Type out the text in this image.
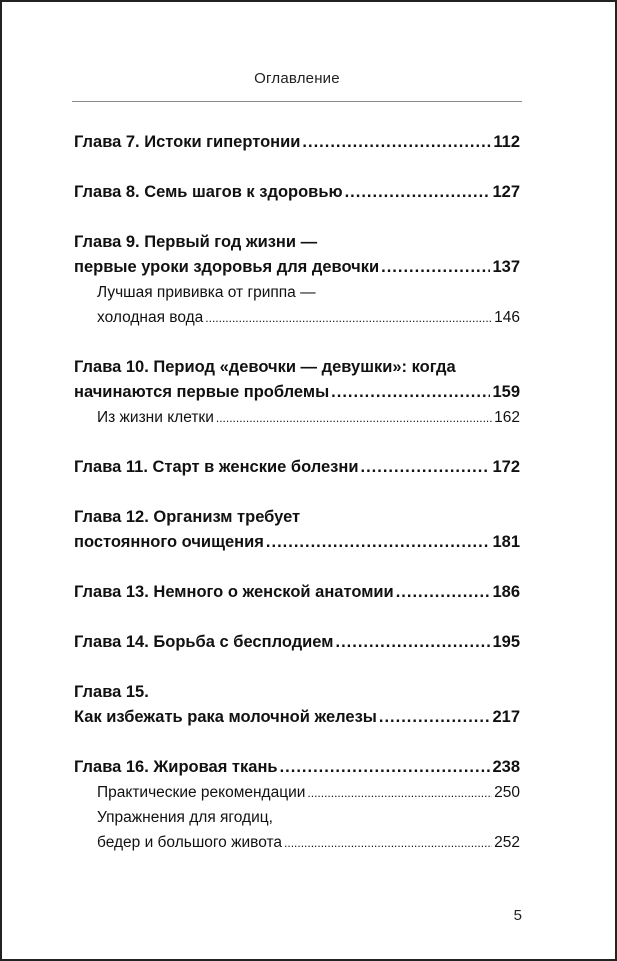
Оглавление
Глава 7. Истоки гипертонии .....	112
Глава 8. Семь шагов к здоровью .....	127
Глава 9. Первый год жизни —
первые уроки здоровья для девочки .....	137
Лучшая прививка от гриппа —
холодная вода .....	146
Глава 10. Период «девочки — девушки»: когда
начинаются первые проблемы .....	159
Из жизни клетки .....	162
Глава 11. Старт в женские болезни .....	172
Глава 12. Организм требует
постоянного очищения .....	181
Глава 13. Немного о женской анатомии .....	186
Глава 14. Борьба с бесплодием .....	195
Глава 15.
Как избежать рака молочной железы .....	217
Глава 16. Жировая ткань .....	238
Практические рекомендации .....	250
Упражнения для ягодиц,
бедер и большого живота .....	252
5
